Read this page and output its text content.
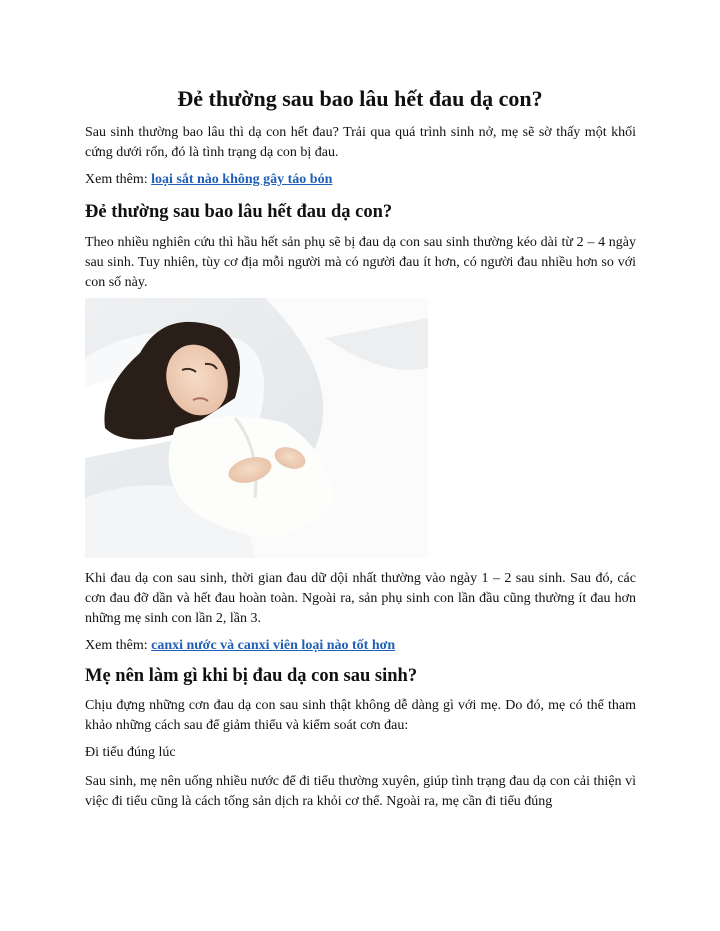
Đẻ thường sau bao lâu hết đau dạ con?

Sau sinh thường bao lâu thì dạ con hết đau? Trải qua quá trình sinh nở, mẹ sẽ sờ thấy một khối cứng dưới rốn, đó là tình trạng dạ con bị đau.

Xem thêm: loại sắt nào không gây táo bón

Đẻ thường sau bao lâu hết đau dạ con?

Theo nhiều nghiên cứu thì hầu hết sản phụ sẽ bị đau dạ con sau sinh thường kéo dài từ 2 – 4 ngày sau sinh. Tuy nhiên, tùy cơ địa mỗi người mà có người đau ít hơn, có người đau nhiều hơn so với con số này.

Khi đau dạ con sau sinh, thời gian đau dữ dội nhất thường vào ngày 1 – 2 sau sinh. Sau đó, các cơn đau đỡ dần và hết đau hoàn toàn. Ngoài ra, sản phụ sinh con lần đầu cũng thường ít đau hơn những mẹ sinh con lần 2, lần 3.

Xem thêm: canxi nước và canxi viên loại nào tốt hơn

Mẹ nên làm gì khi bị đau dạ con sau sinh?

Chịu đựng những cơn đau dạ con sau sinh thật không dễ dàng gì với mẹ. Do đó, mẹ có thể tham khảo những cách sau để giảm thiểu và kiểm soát cơn đau:

Đi tiểu đúng lúc

Sau sinh, mẹ nên uống nhiều nước để đi tiểu thường xuyên, giúp tình trạng đau dạ con cải thiện vì việc đi tiểu cũng là cách tống sản dịch ra khỏi cơ thể. Ngoài ra, mẹ cần đi tiểu đúng
